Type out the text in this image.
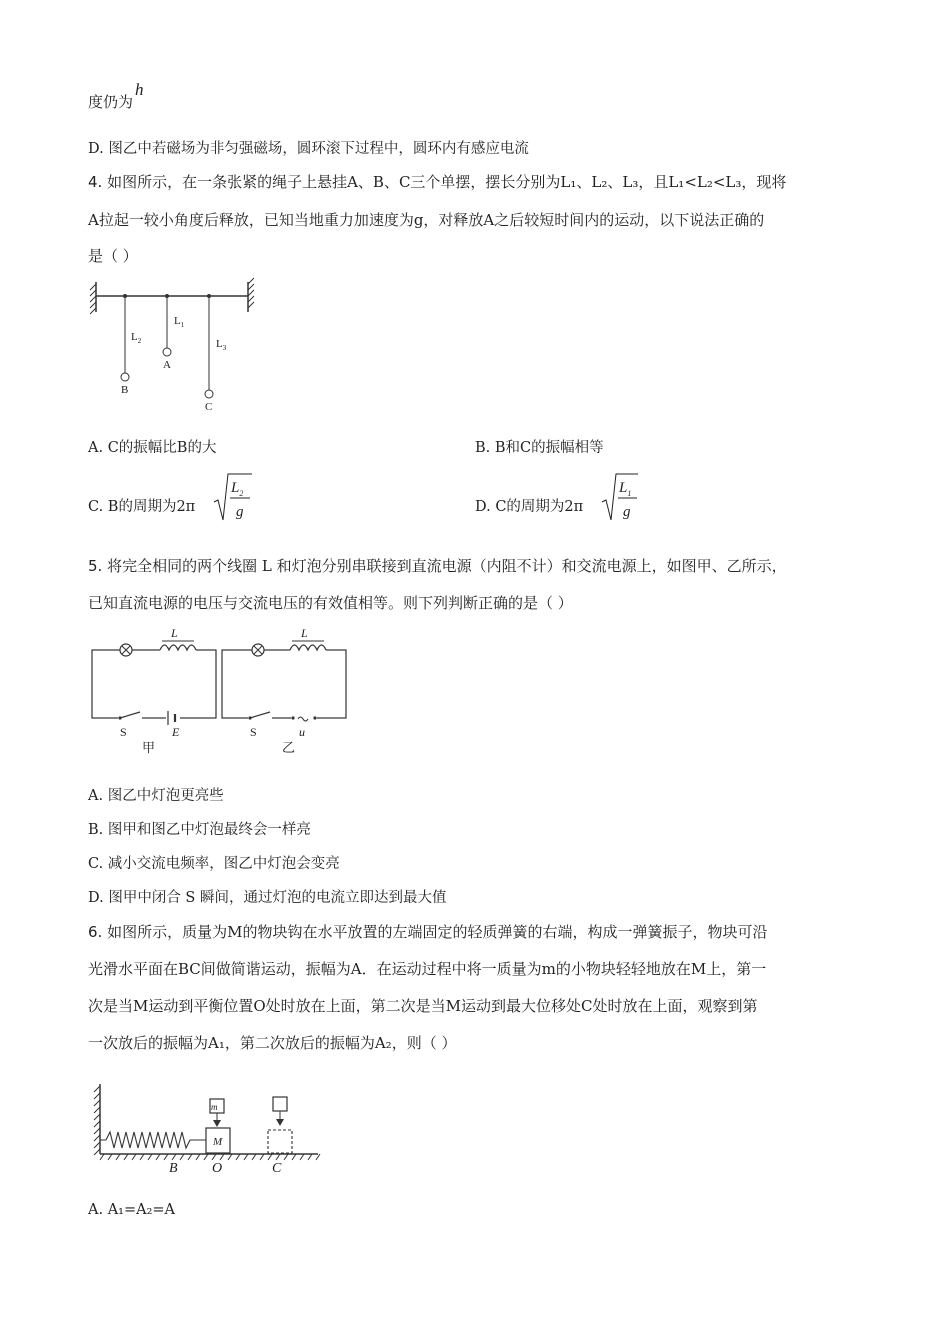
度仍为h
D. 图乙中若磁场为非匀强磁场，圆环滚下过程中，圆环内有感应电流
4. 如图所示，在一条张紧的绳子上悬挂A、B、C三个单摆，摆长分别为L₁、L₂、L₃，且L₁<L₂<L₃，现将
A拉起一较小角度后释放，已知当地重力加速度为g，对释放A之后较短时间内的运动，以下说法正确的
是（ ）
$L_2$
B
$L_1$
A
$L_3$
C
A. C的振幅比B的大	B. B和C的振幅相等
C. B的周期为2π
$L_2$
g	D. C的周期为2π
$L_1$
g
5. 将完全相同的两个线圈 L 和灯泡分别串联接到直流电源（内阻不计）和交流电源上，如图甲、乙所示，
已知直流电源的电压与交流电压的有效值相等。则下列判断正确的是（ ）
L
S	E
甲
L
S	u
乙
A. 图乙中灯泡更亮些
B. 图甲和图乙中灯泡最终会一样亮
C. 减小交流电频率，图乙中灯泡会变亮
D. 图甲中闭合 S 瞬间，通过灯泡的电流立即达到最大值
6. 如图所示，质量为M的物块钩在水平放置的左端固定的轻质弹簧的右端，构成一弹簧振子，物块可沿
光滑水平面在BC间做简谐运动，振幅为A．在运动过程中将一质量为m的小物块轻轻地放在M上，第一
次是当M运动到平衡位置O处时放在上面，第二次是当M运动到最大位移处C处时放在上面，观察到第
一次放后的振幅为A₁，第二次放后的振幅为A₂，则（ ）
M
m
B O	C
A. A₁=A₂=A
